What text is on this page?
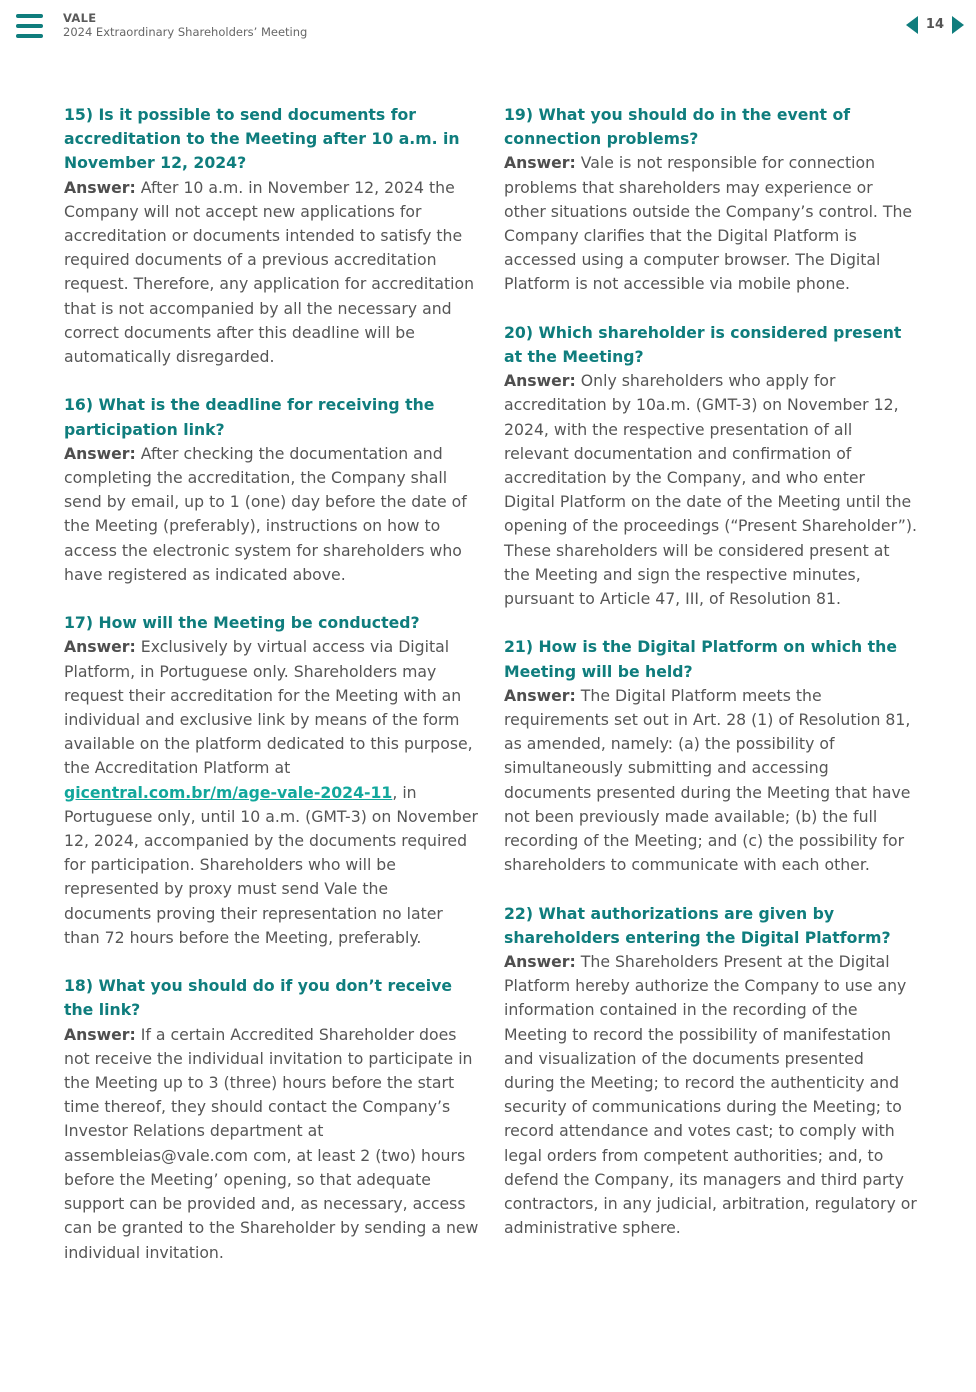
VALE
2024 Extraordinary Shareholders’ Meeting	14

15) Is it possible to send documents for accreditation to the Meeting after 10 a.m. in November 12, 2024?

Answer: After 10 a.m. in November 12, 2024 the Company will not accept new applications for accreditation or documents intended to satisfy the required documents of a previous accreditation request. Therefore, any application for accreditation that is not accompanied by all the necessary and correct documents after this deadline will be automatically disregarded.

16) What is the deadline for receiving the participation link?

Answer: After checking the documentation and completing the accreditation, the Company shall send by email, up to 1 (one) day before the date of the Meeting (preferably), instructions on how to access the electronic system for shareholders who have registered as indicated above.

17) How will the Meeting be conducted?

Answer: Exclusively by virtual access via Digital Platform, in Portuguese only. Shareholders may request their accreditation for the Meeting with an individual and exclusive link by means of the form available on the platform dedicated to this purpose, the Accreditation Platform at gicentral.com.br/m/age-vale-2024-11, in Portuguese only, until 10 a.m. (GMT-3) on November 12, 2024, accompanied by the documents required for participation. Shareholders who will be represented by proxy must send Vale the documents proving their representation no later than 72 hours before the Meeting, preferably.

18) What you should do if you don’t receive the link?

Answer: If a certain Accredited Shareholder does not receive the individual invitation to participate in the Meeting up to 3 (three) hours before the start time thereof, they should contact the Company’s Investor Relations department at assembleias@vale.com com, at least 2 (two) hours before the Meeting’ opening, so that adequate support can be provided and, as necessary, access can be granted to the Shareholder by sending a new individual invitation.

19) What you should do in the event of connection problems?

Answer: Vale is not responsible for connection problems that shareholders may experience or other situations outside the Company’s control. The Company clarifies that the Digital Platform is accessed using a computer browser. The Digital Platform is not accessible via mobile phone.

20) Which shareholder is considered present at the Meeting?

Answer: Only shareholders who apply for accreditation by 10a.m. (GMT-3) on November 12, 2024, with the respective presentation of all relevant documentation and confirmation of accreditation by the Company, and who enter Digital Platform on the date of the Meeting until the opening of the proceedings (“Present Shareholder”). These shareholders will be considered present at the Meeting and sign the respective minutes, pursuant to Article 47, III, of Resolution 81.

21) How is the Digital Platform on which the Meeting will be held?

Answer: The Digital Platform meets the requirements set out in Art. 28 (1) of Resolution 81, as amended, namely: (a) the possibility of simultaneously submitting and accessing documents presented during the Meeting that have not been previously made available; (b) the full recording of the Meeting; and (c) the possibility for shareholders to communicate with each other.

22) What authorizations are given by shareholders entering the Digital Platform?

Answer: The Shareholders Present at the Digital Platform hereby authorize the Company to use any information contained in the recording of the Meeting to record the possibility of manifestation and visualization of the documents presented during the Meeting; to record the authenticity and security of communications during the Meeting; to record attendance and votes cast; to comply with legal orders from competent authorities; and, to defend the Company, its managers and third party contractors, in any judicial, arbitration, regulatory or administrative sphere.
